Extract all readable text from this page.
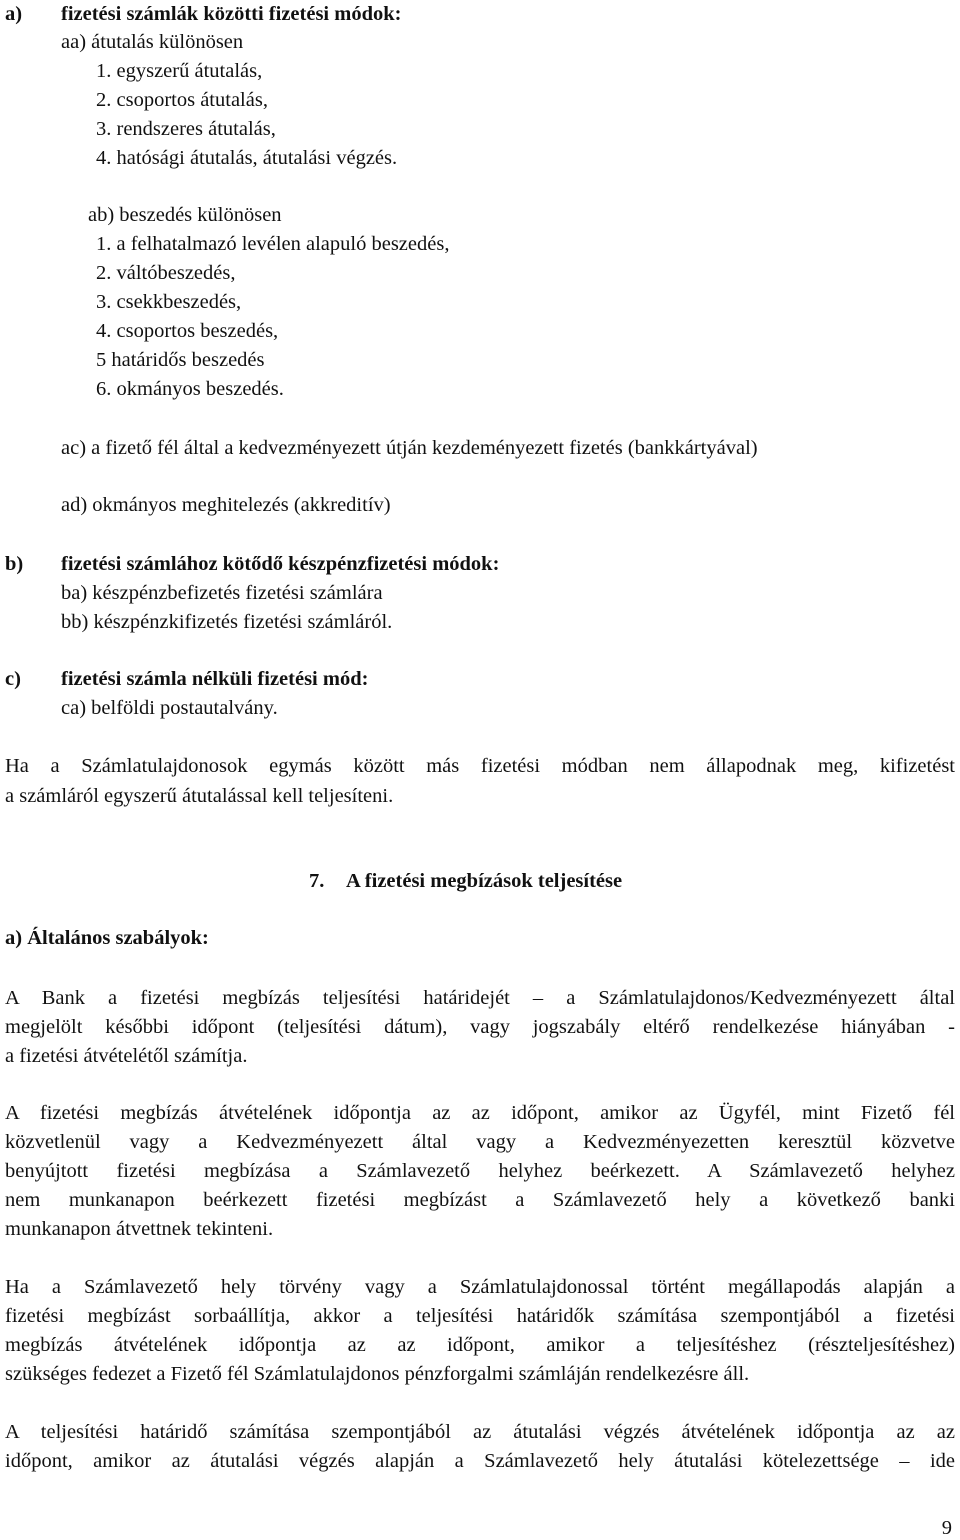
a) fizetési számlák közötti fizetési módok:
aa) átutalás különösen
1. egyszerű átutalás,
2. csoportos átutalás,
3. rendszeres átutalás,
4. hatósági átutalás, átutalási végzés.
ab) beszedés különösen
1. a felhatalmazó levélen alapuló beszedés,
2. váltóbeszedés,
3. csekkbeszedés,
4. csoportos beszedés,
5 határidős beszedés
6. okmányos beszedés.
ac) a fizető fél által a kedvezményezett útján kezdeményezett fizetés (bankkártyával)
ad) okmányos meghitelezés (akkreditív)
b) fizetési számlához kötődő készpénzfizetési módok:
ba) készpénzbefizetés fizetési számlára
bb) készpénzkifizetés fizetési számláról.
c) fizetési számla nélküli fizetési mód:
ca) belföldi postautalvány.
Ha a Számlatulajdonosok egymás között más fizetési módban nem állapodnak meg, kifizetést
a számláról egyszerű átutalással kell teljesíteni.
7. A fizetési megbízások teljesítése
a) Általános szabályok:
A Bank a fizetési megbízás teljesítési határidejét – a Számlatulajdonos/Kedvezményezett által
megjelölt későbbi időpont (teljesítési dátum), vagy jogszabály eltérő rendelkezése hiányában -
a fizetési átvételétől számítja.
A fizetési megbízás átvételének időpontja az az időpont, amikor az Ügyfél, mint Fizető fél
közvetlenül vagy a Kedvezményezett által vagy a Kedvezményezetten keresztül közvetve
benyújtott fizetési megbízása a Számlavezető helyhez beérkezett. A Számlavezető helyhez
nem munkanapon beérkezett fizetési megbízást a Számlavezető hely a következő banki
munkanapon átvettnek tekinteni.
Ha a Számlavezető hely törvény vagy a Számlatulajdonossal történt megállapodás alapján a
fizetési megbízást sorbaállítja, akkor a teljesítési határidők számítása szempontjából a fizetési
megbízás átvételének időpontja az az időpont, amikor a teljesítéshez (részteljesítéshez)
szükséges fedezet a Fizető fél Számlatulajdonos pénzforgalmi számláján rendelkezésre áll.
A teljesítési határidő számítása szempontjából az átutalási végzés átvételének időpontja az az
időpont, amikor az átutalási végzés alapján a Számlavezető hely átutalási kötelezettsége – ide
9
